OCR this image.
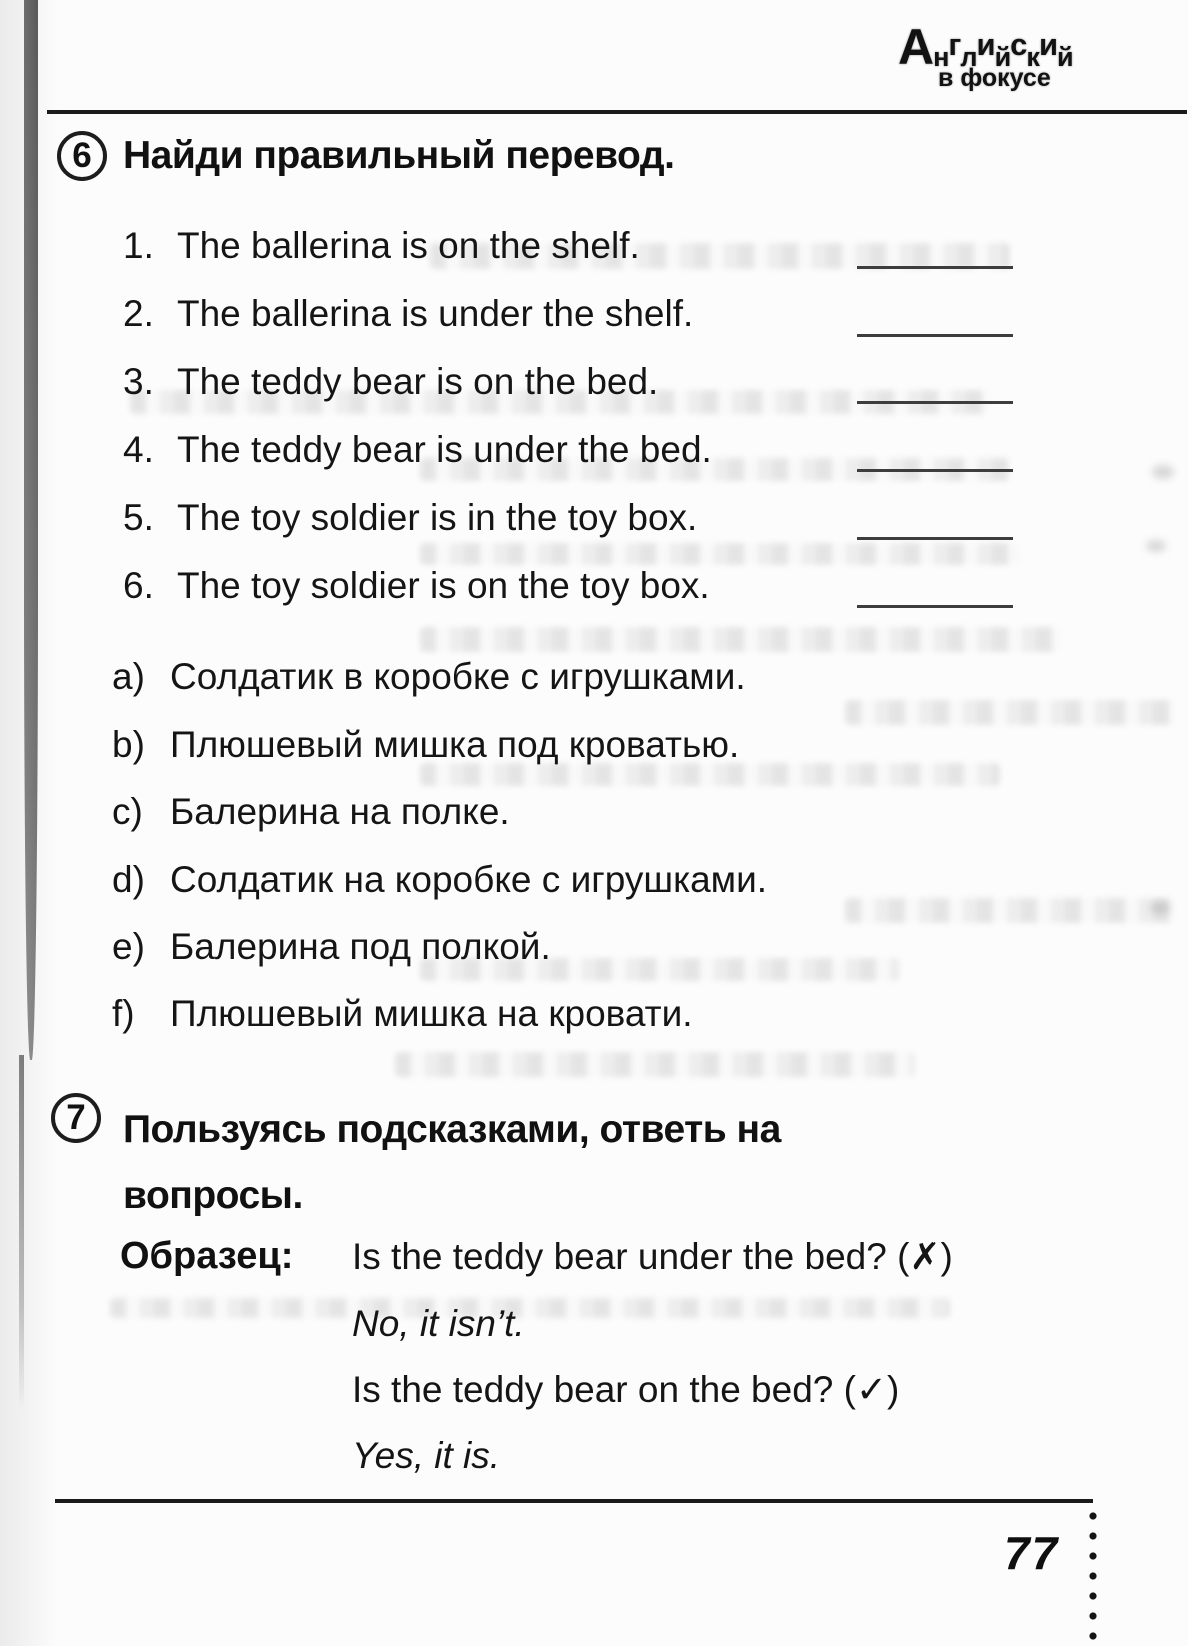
Английский
в фокусе
6 Найди правильный перевод.
1. The ballerina is on the shelf.
2. The ballerina is under the shelf.
3. The teddy bear is on the bed.
4. The teddy bear is under the bed.
5. The toy soldier is in the toy box.
6. The toy soldier is on the toy box.
a) Солдатик в коробке с игрушками.
b) Плюшевый мишка под кроватью.
c) Балерина на полке.
d) Солдатик на коробке с игрушками.
e) Балерина под полкой.
f) Плюшевый мишка на кровати.
7 Пользуясь подсказками, ответь на вопросы.
Образец: Is the teddy bear under the bed? (✗)
No, it isn’t.
Is the teddy bear on the bed? (✓)
Yes, it is.
77
